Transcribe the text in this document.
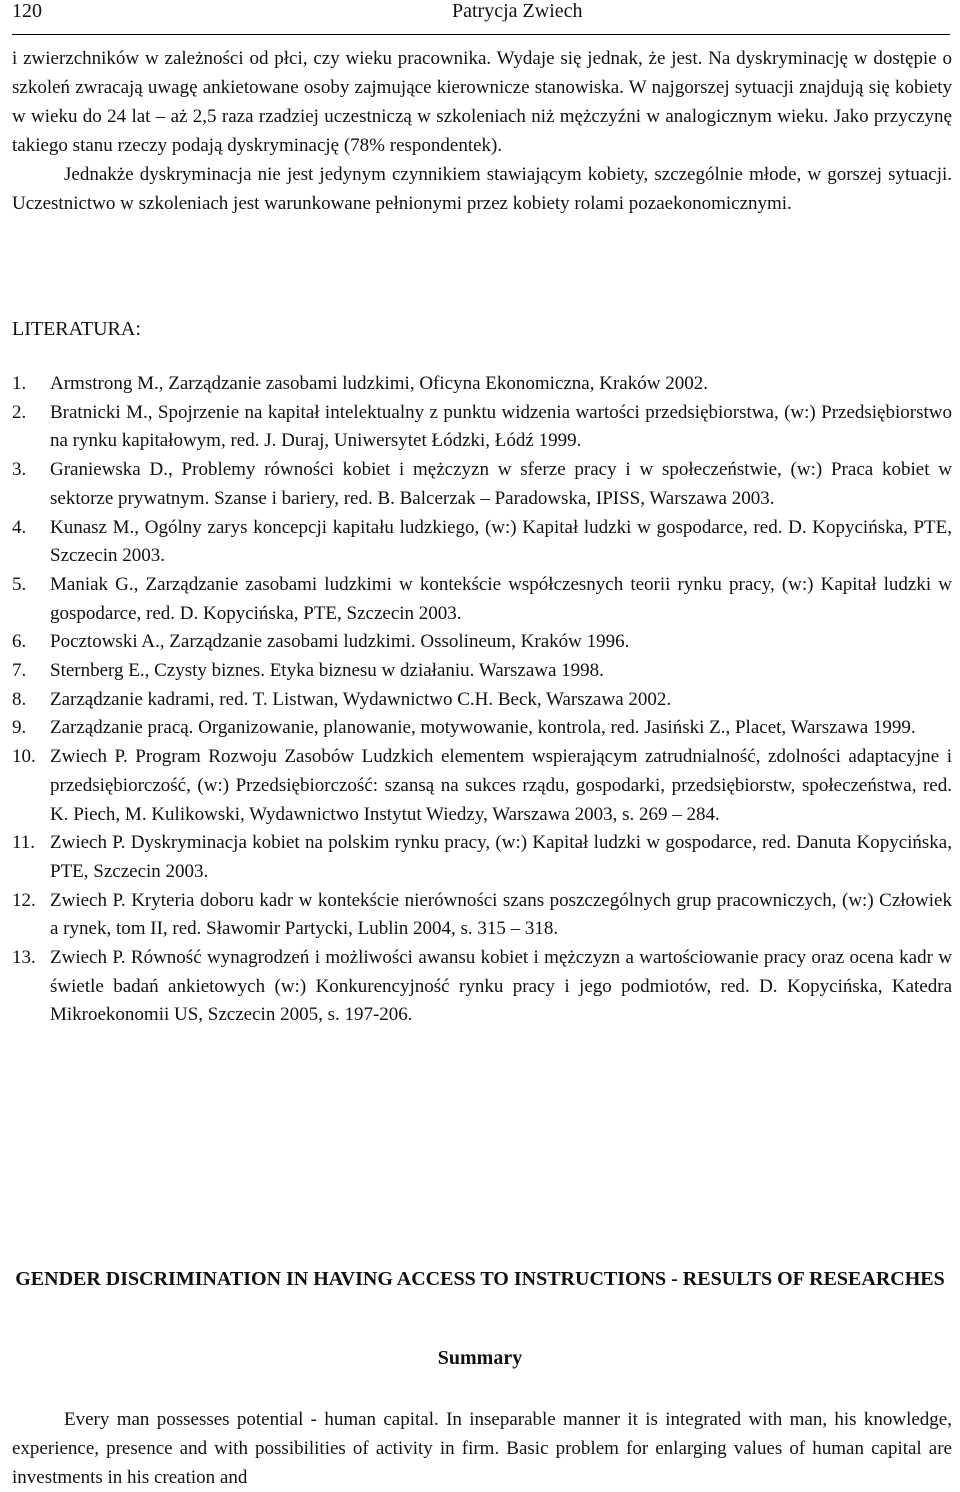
120	Patrycja Zwiech

i zwierzchników w zależności od płci, czy wieku pracownika. Wydaje się jednak, że jest. Na dyskryminację w dostępie o szkoleń zwracają uwagę ankietowane osoby zajmujące kierownicze stanowiska. W najgorszej sytuacji znajdują się kobiety w wieku do 24 lat – aż 2,5 raza rzadziej uczestniczą w szkoleniach niż mężczyźni w analogicznym wieku. Jako przyczynę takiego stanu rzeczy podają dyskryminację (78% respondentek).

Jednakże dyskryminacja nie jest jedynym czynnikiem stawiającym kobiety, szczególnie młode, w gorszej sytuacji. Uczestnictwo w szkoleniach jest warunkowane pełnionymi przez kobiety rolami pozaekonomicznymi.

LITERATURA:
1. Armstrong M., Zarządzanie zasobami ludzkimi, Oficyna Ekonomiczna, Kraków 2002.
2. Bratnicki M., Spojrzenie na kapitał intelektualny z punktu widzenia wartości przedsiębiorstwa, (w:) Przedsiębiorstwo na rynku kapitałowym, red. J. Duraj, Uniwersytet Łódzki, Łódź 1999.
3. Graniewska D., Problemy równości kobiet i mężczyzn w sferze pracy i w społeczeństwie, (w:) Praca kobiet w sektorze prywatnym. Szanse i bariery, red. B. Balcerzak – Paradowska, IPISS, Warszawa 2003.
4. Kunasz M., Ogólny zarys koncepcji kapitału ludzkiego, (w:) Kapitał ludzki w gospodarce, red. D. Kopycińska, PTE, Szczecin 2003.
5. Maniak G., Zarządzanie zasobami ludzkimi w kontekście współczesnych teorii rynku pracy, (w:) Kapitał ludzki w gospodarce, red. D. Kopycińska, PTE, Szczecin 2003.
6. Pocztowski A., Zarządzanie zasobami ludzkimi. Ossolineum, Kraków 1996.
7. Sternberg E., Czysty biznes. Etyka biznesu w działaniu. Warszawa 1998.
8. Zarządzanie kadrami, red. T. Listwan, Wydawnictwo C.H. Beck, Warszawa 2002.
9. Zarządzanie pracą. Organizowanie, planowanie, motywowanie, kontrola, red. Jasiński Z., Placet, Warszawa 1999.
10. Zwiech P. Program Rozwoju Zasobów Ludzkich elementem wspierającym zatrudnialność, zdolności adaptacyjne i przedsiębiorczość, (w:) Przedsiębiorczość: szansą na sukces rządu, gospodarki, przedsiębiorstw, społeczeństwa, red. K. Piech, M. Kulikowski, Wydawnictwo Instytut Wiedzy, Warszawa 2003, s. 269 – 284.
11. Zwiech P. Dyskryminacja kobiet na polskim rynku pracy, (w:) Kapitał ludzki w gospodarce, red. Danuta Kopycińska, PTE, Szczecin 2003.
12. Zwiech P. Kryteria doboru kadr w kontekście nierówności szans poszczególnych grup pracowniczych, (w:) Człowiek a rynek, tom II, red. Sławomir Partycki, Lublin 2004, s. 315 – 318.
13. Zwiech P. Równość wynagrodzeń i możliwości awansu kobiet i mężczyzn a wartościowanie pracy oraz ocena kadr w świetle badań ankietowych (w:) Konkurencyjność rynku pracy i jego podmiotów, red. D. Kopycińska, Katedra Mikroekonomii US, Szczecin 2005, s. 197-206.
GENDER DISCRIMINATION IN HAVING ACCESS TO INSTRUCTIONS - RESULTS OF RESEARCHES
Summary

Every man possesses potential - human capital. In inseparable manner it is integrated with man, his knowledge, experience, presence and with possibilities of activity in firm. Basic problem for enlarging values of human capital are investments in his creation and
